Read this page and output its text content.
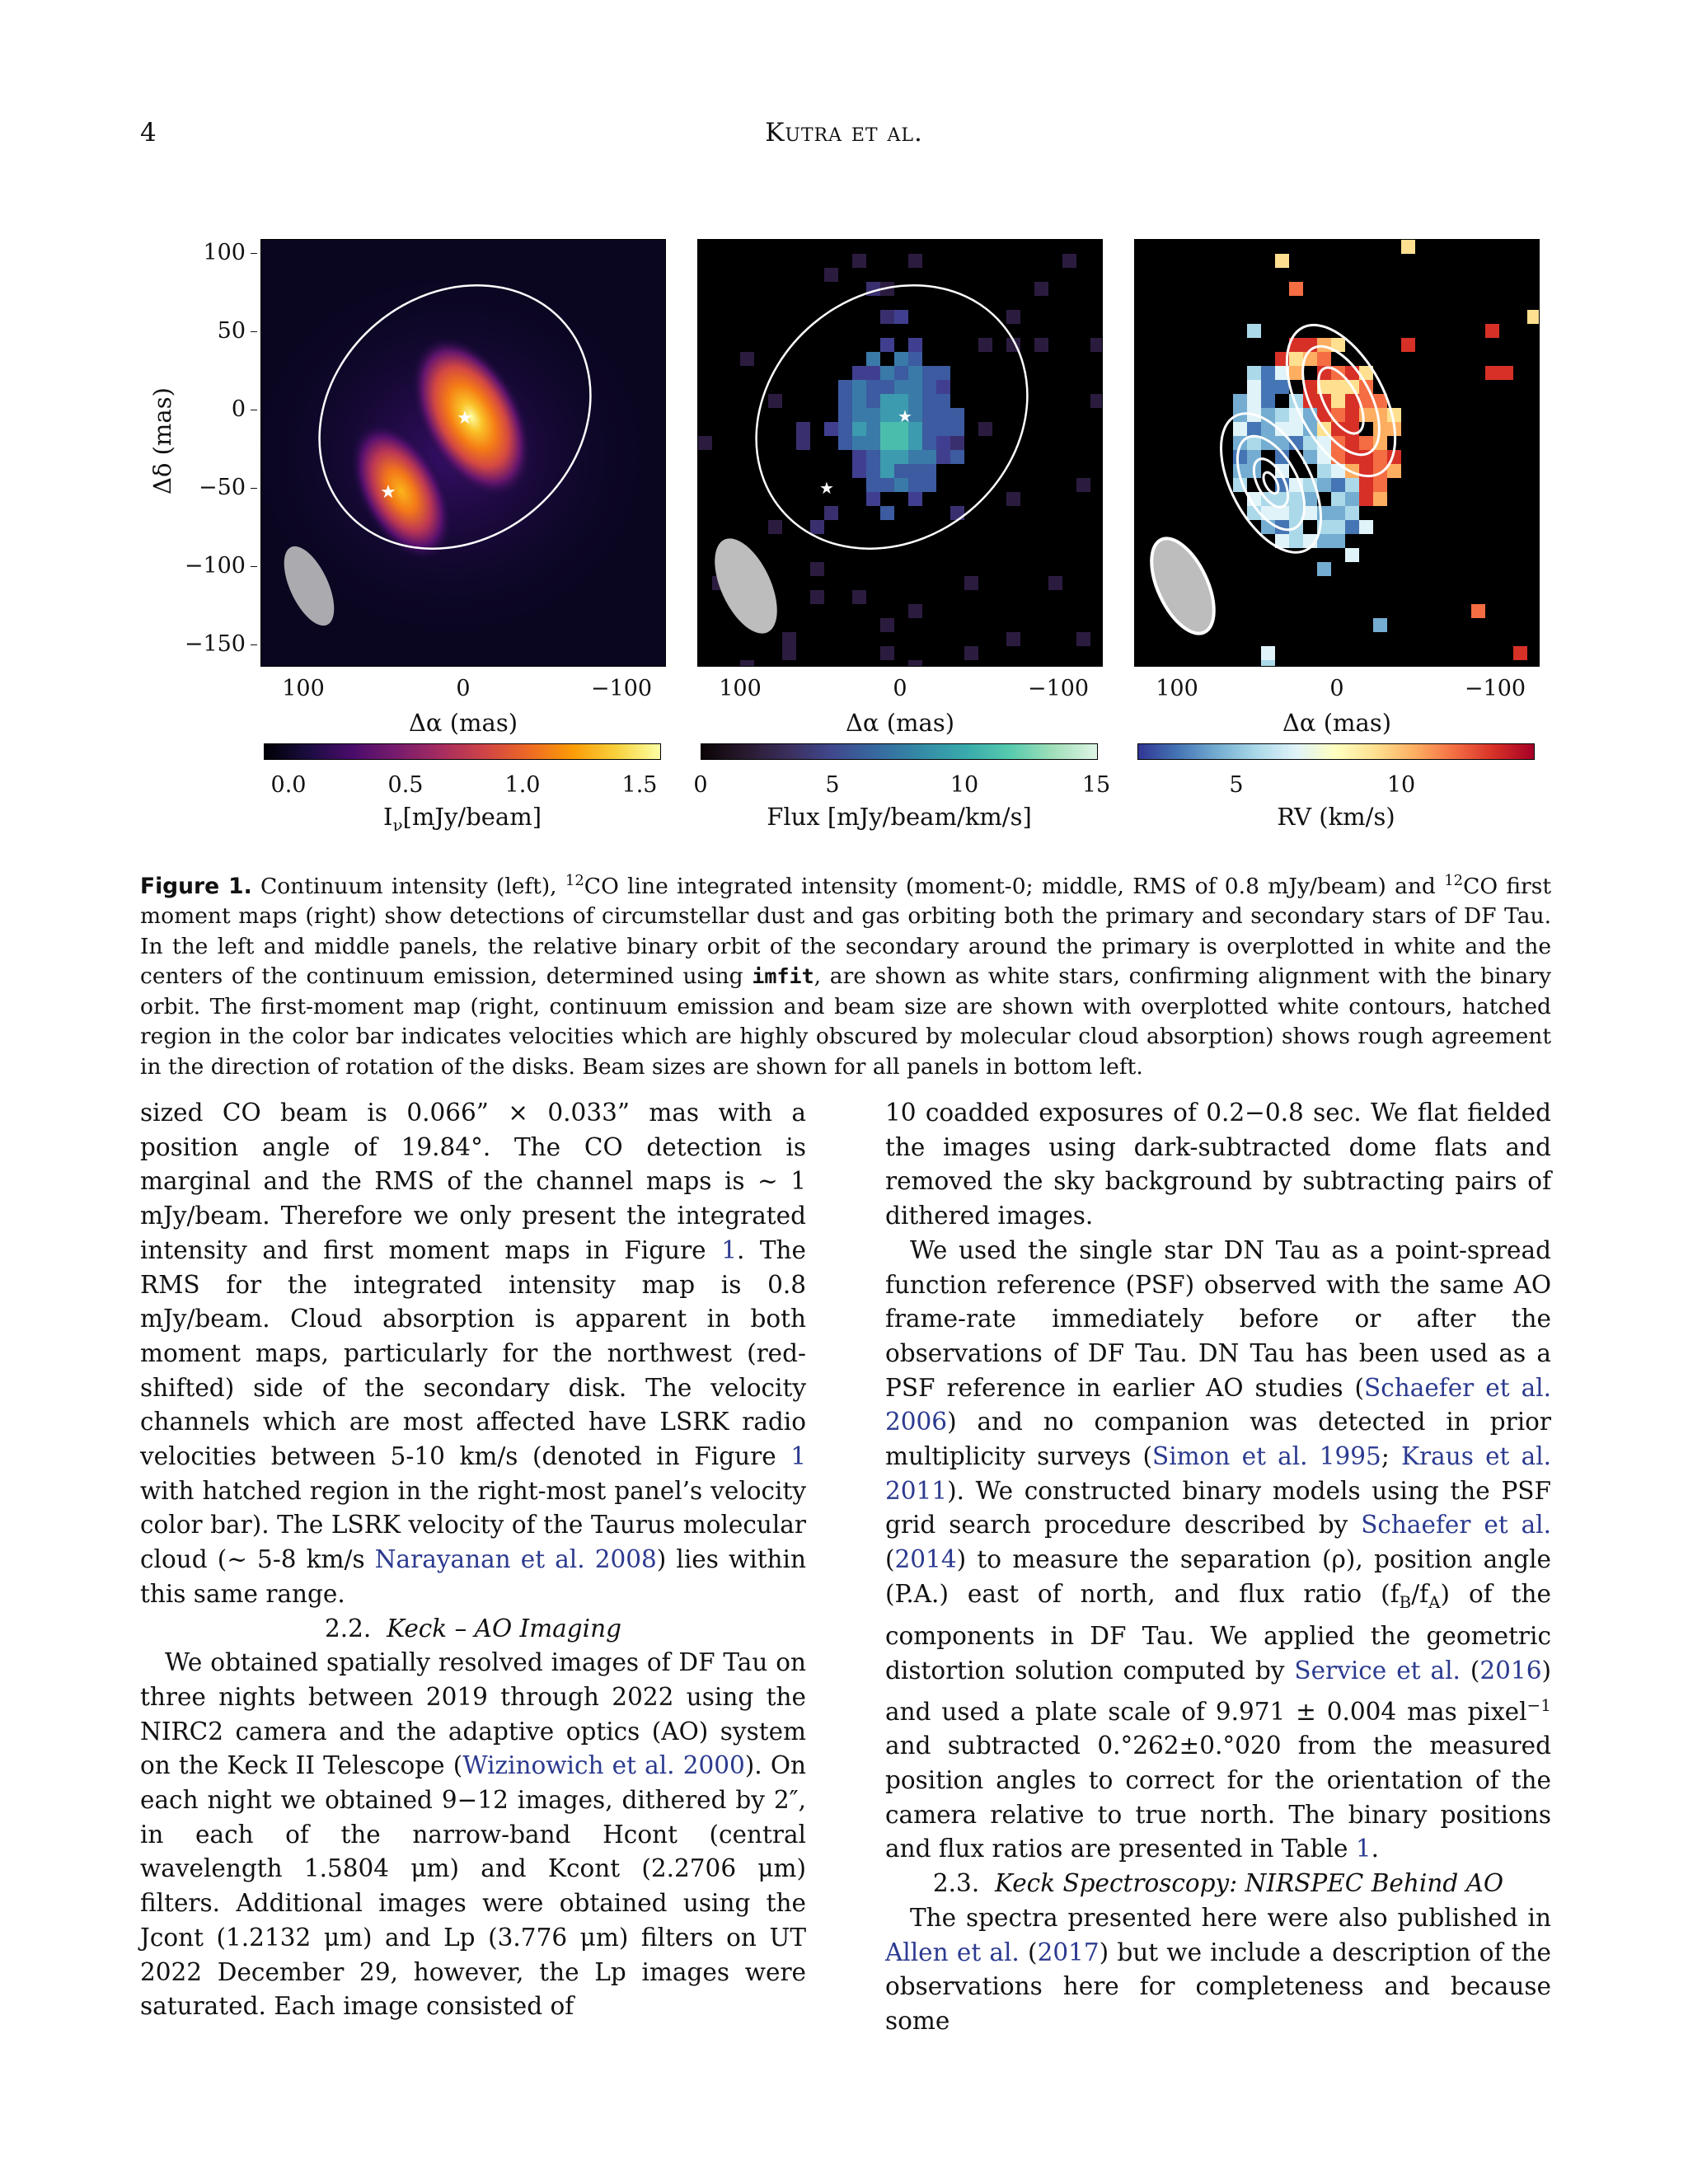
4	Kutra et al.
100
50
0
−50
−100
−150
Δδ (mas)	★
★
★
★
100	0	−100
Δα (mas)
100	0	−100
Δα (mas)
100	0	−100
Δα (mas)
0.0	0.5	1.0	1.5
$I_\nu[mJy/beam]$
0	5	10	15
Flux [mJy/beam/km/s]
5	10
RV (km/s)
Figure 1. Continuum intensity (left), $^{12}$CO line integrated intensity (moment-0; middle, RMS of 0.8 mJy/beam) and $^{12}$CO first moment maps (right) show detections of circumstellar dust and gas orbiting both the primary and secondary stars of DF Tau. In the left and middle panels, the relative binary orbit of the secondary around the primary is overplotted in white and the centers of the continuum emission, determined using imfit, are shown as white stars, confirming alignment with the binary orbit. The first-moment map (right, continuum emission and beam size are shown with overplotted white contours, hatched region in the color bar indicates velocities which are highly obscured by molecular cloud absorption) shows rough agreement in the direction of rotation of the disks. Beam sizes are shown for all panels in bottom left.

sized CO beam is 0.066” × 0.033” mas with a position angle of 19.84°. The CO detection is marginal and the RMS of the channel maps is ∼ 1 mJy/beam. Therefore we only present the integrated intensity and first moment maps in Figure 1. The RMS for the integrated intensity map is 0.8 mJy/beam. Cloud absorption is apparent in both moment maps, particularly for the northwest (red-shifted) side of the secondary disk. The velocity channels which are most affected have LSRK radio velocities between 5-10 km/s (denoted in Figure 1 with hatched region in the right-most panel’s velocity color bar). The LSRK velocity of the Taurus molecular cloud (∼ 5-8 km/s Narayanan et al. 2008) lies within this same range.

2.2. Keck – AO Imaging

We obtained spatially resolved images of DF Tau on three nights between 2019 through 2022 using the NIRC2 camera and the adaptive optics (AO) system on the Keck II Telescope (Wizinowich et al. 2000). On each night we obtained 9−12 images, dithered by 2″, in each of the narrow-band Hcont (central wavelength 1.5804 μm) and Kcont (2.2706 μm) filters. Additional images were obtained using the Jcont (1.2132 μm) and Lp (3.776 μm) filters on UT 2022 December 29, however, the Lp images were saturated. Each image consisted of

10 coadded exposures of 0.2−0.8 sec. We flat fielded the images using dark-subtracted dome flats and removed the sky background by subtracting pairs of dithered images.

We used the single star DN Tau as a point-spread function reference (PSF) observed with the same AO frame-rate immediately before or after the observations of DF Tau. DN Tau has been used as a PSF reference in earlier AO studies (Schaefer et al. 2006) and no companion was detected in prior multiplicity surveys (Simon et al. 1995; Kraus et al. 2011). We constructed binary models using the PSF grid search procedure described by Schaefer et al. (2014) to measure the separation (ρ), position angle (P.A.) east of north, and flux ratio $(f_B/f_A)$ of the components in DF Tau. We applied the geometric distortion solution computed by Service et al. (2016) and used a plate scale of 9.971 ± 0.004 mas pixel$^{-1}$ and subtracted 0.°262±0.°020 from the measured position angles to correct for the orientation of the camera relative to true north. The binary positions and flux ratios are presented in Table 1.

2.3. Keck Spectroscopy: NIRSPEC Behind AO

The spectra presented here were also published in Allen et al. (2017) but we include a description of the observations here for completeness and because some
